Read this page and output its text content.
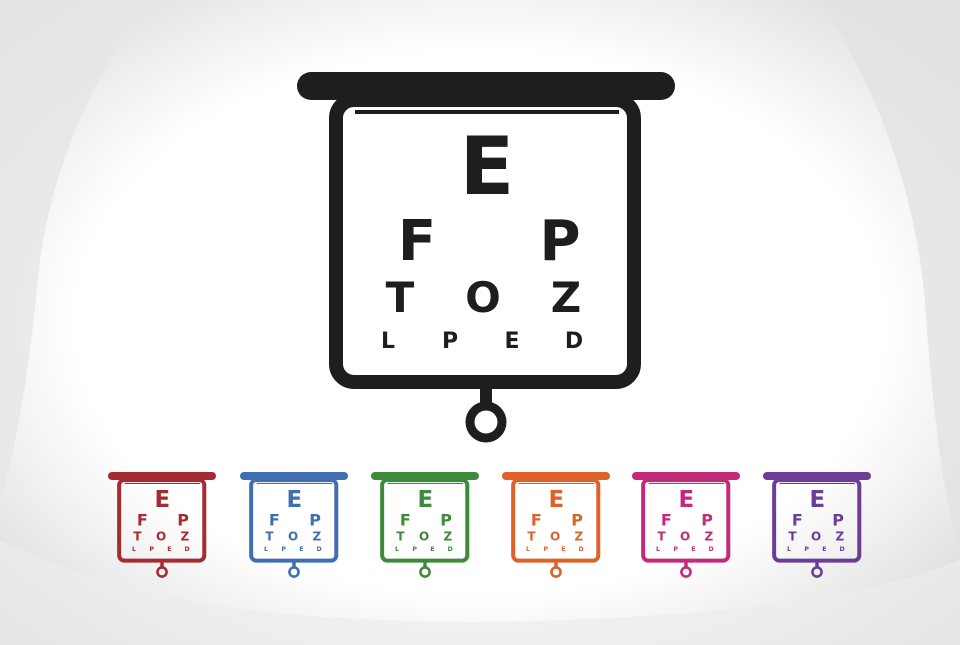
E
F P
T O Z
L P E D
E
F P
T O Z
L P E D
E
F P
T O Z
L P E D
E
F P
T O Z
L P E D
E
F P
T O Z
L P E D
E
F P
T O Z
L P E D
E
F P
T O Z
L P E D
